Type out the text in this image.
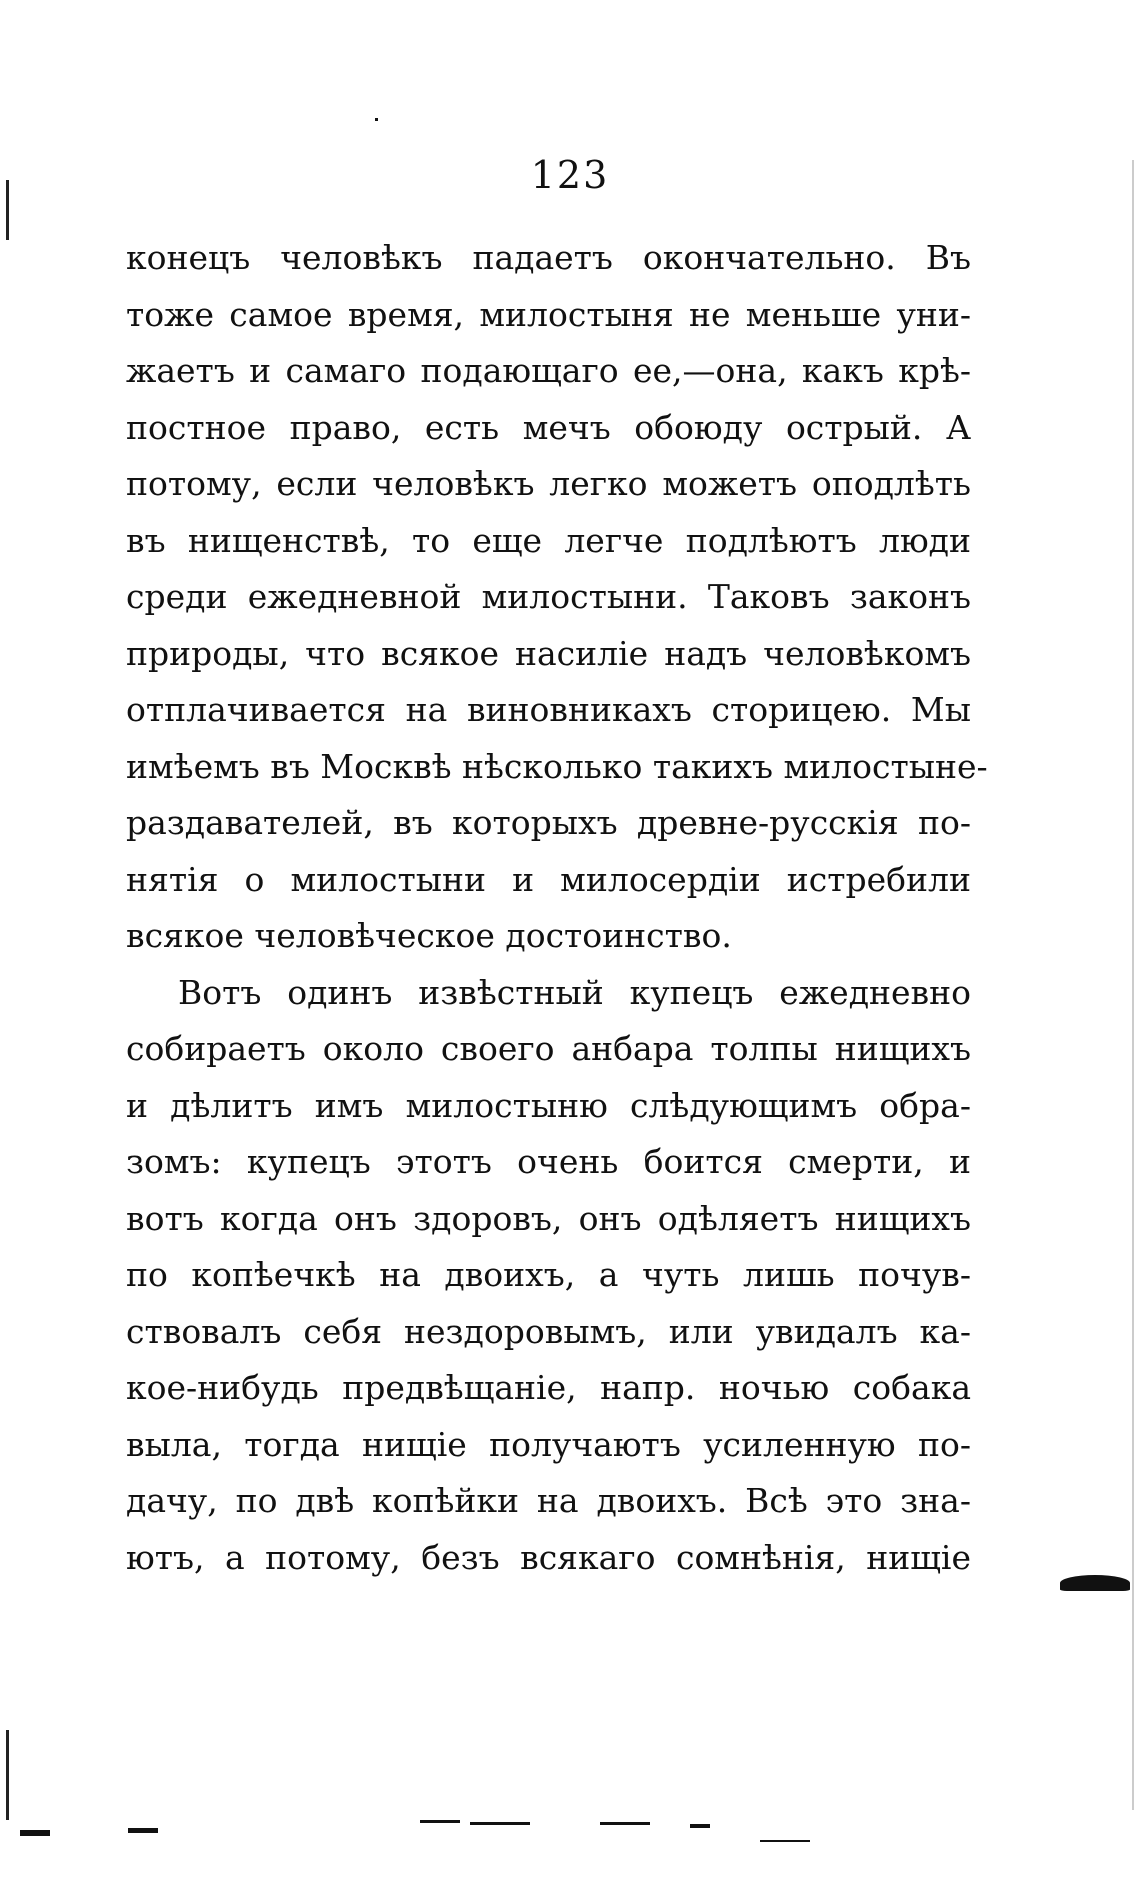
123
конецъ человѣкъ падаетъ окончательно. Въ
тоже самое время, милостыня не меньше уни-
жаетъ и самаго подающаго ее,—она, какъ крѣ-
постное право, есть мечъ обоюду острый. А
потому, если человѣкъ легко можетъ оподлѣть
въ нищенствѣ, то еще легче подлѣютъ люди
среди ежедневной милостыни. Таковъ законъ
природы, что всякое насиліе надъ человѣкомъ
отплачивается на виновникахъ сторицею. Мы
имѣемъ въ Москвѣ нѣсколько такихъ милостыне-
раздавателей, въ которыхъ древне-русскія по-
нятія о милостыни и милосердіи истребили
всякое человѣческое достоинство.
Вотъ одинъ извѣстный купецъ ежедневно
собираетъ около своего анбара толпы нищихъ
и дѣлитъ имъ милостыню слѣдующимъ обра-
зомъ: купецъ этотъ очень боится смерти, и
вотъ когда онъ здоровъ, онъ одѣляетъ нищихъ
по копѣечкѣ на двоихъ, а чуть лишь почув-
ствовалъ себя нездоровымъ, или увидалъ ка-
кое-нибудь предвѣщаніе, напр. ночью собака
выла, тогда нищіе получаютъ усиленную по-
дачу, по двѣ копѣйки на двоихъ. Всѣ это зна-
ютъ, а потому, безъ всякаго сомнѣнія, нищіе
